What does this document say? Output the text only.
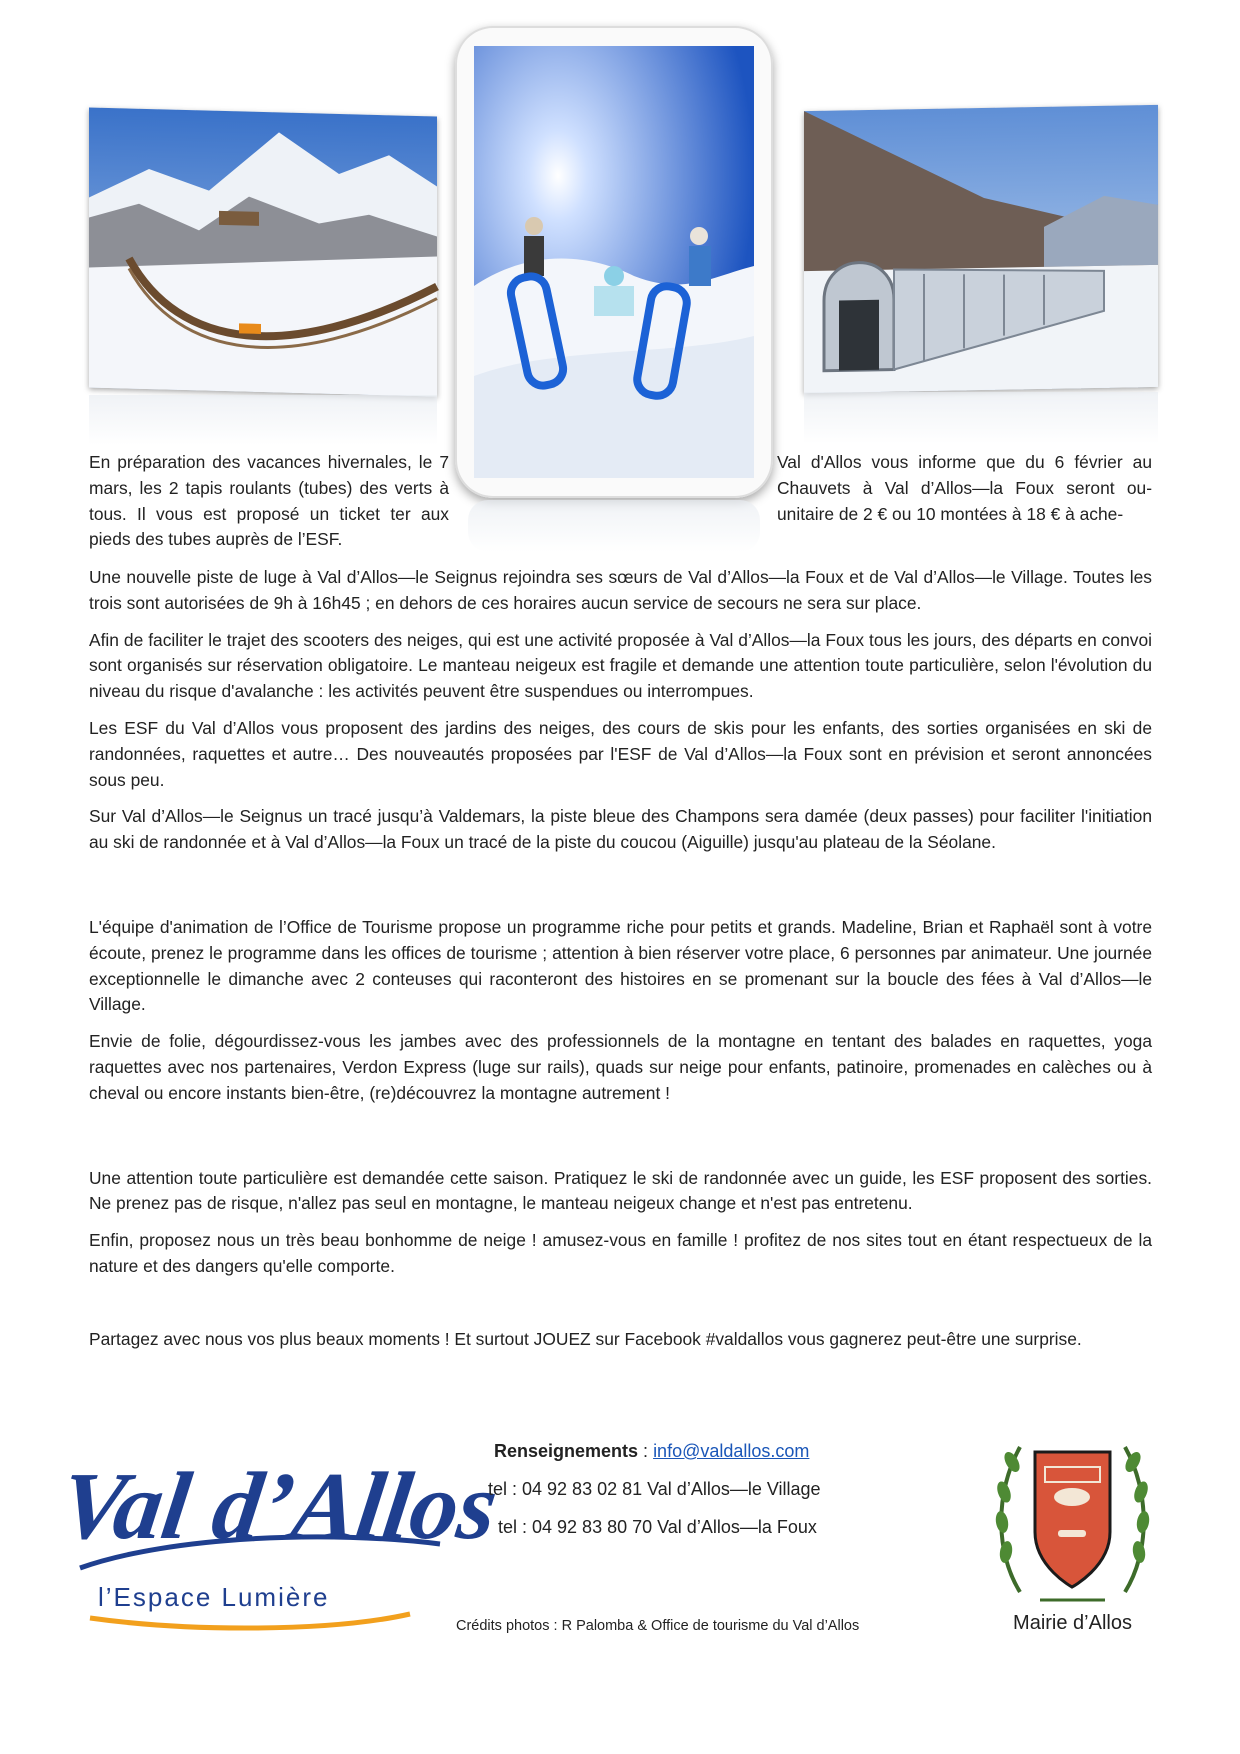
En préparation des vacances hivernales, le 7 mars, les 2 tapis roulants (tubes) des verts à tous. Il vous est proposé un ticket ter aux pieds des tubes auprès de l’ESF.
Val d'Allos vous informe que du 6 février au Chauvets à Val d’Allos—la Foux seront ou- unitaire de 2 € ou 10 montées à 18 € à ache-

Une nouvelle piste de luge à Val d’Allos—le Seignus rejoindra ses sœurs de Val d’Allos—la Foux et de Val d’Allos—le Village. Toutes les trois sont autorisées de 9h à 16h45 ; en dehors de ces horaires aucun service de secours ne sera sur place.

Afin de faciliter le trajet des scooters des neiges, qui est une activité proposée à Val d’Allos—la Foux tous les jours, des départs en convoi sont organisés sur réservation obligatoire. Le manteau neigeux est fragile et demande une attention toute particulière, selon l'évolution du niveau du risque d'avalanche : les activités peuvent être suspendues ou interrompues.

Les ESF du Val d’Allos vous proposent des jardins des neiges, des cours de skis pour les enfants, des sorties organisées en ski de randonnées, raquettes et autre… Des nouveautés proposées par l'ESF de Val d’Allos—la Foux sont en prévision et seront annoncées sous peu.

Sur Val d’Allos—le Seignus un tracé jusqu’à Valdemars, la piste bleue des Champons sera damée (deux passes) pour faciliter l'initiation au ski de randonnée et à Val d’Allos—la Foux un tracé de la piste du coucou (Aiguille) jusqu'au plateau de la Séolane.

L'équipe d'animation de l’Office de Tourisme propose un programme riche pour petits et grands. Madeline, Brian et Raphaël sont à votre écoute, prenez le programme dans les offices de tourisme ; attention à bien réserver votre place, 6 personnes par animateur. Une journée exceptionnelle le dimanche avec 2 conteuses qui raconteront des histoires en se promenant sur la boucle des fées à Val d’Allos—le Village.

Envie de folie, dégourdissez-vous les jambes avec des professionnels de la montagne en tentant des balades en raquettes, yoga raquettes avec nos partenaires, Verdon Express (luge sur rails), quads sur neige pour enfants, patinoire, promenades en calèches ou à cheval ou encore instants bien-être, (re)découvrez la montagne autrement !

Une attention toute particulière est demandée cette saison. Pratiquez le ski de randonnée avec un guide, les ESF proposent des sorties. Ne prenez pas de risque, n'allez pas seul en montagne, le manteau neigeux change et n'est pas entretenu.

Enfin, proposez nous un très beau bonhomme de neige ! amusez-vous en famille ! profitez de nos sites tout en étant respectueux de la nature et des dangers qu'elle comporte.

Partagez avec nous vos plus beaux moments ! Et surtout JOUEZ sur Facebook #valdallos vous gagnerez peut-être une surprise.

Val d’Allos
l’Espace Lumière
Renseignements : info@valdallos.com
tel : 04 92 83 02 81 Val d’Allos—le Village
tel : 04 92 83 80 70 Val d’Allos—la Foux
Crédits photos : R Palomba & Office de tourisme du Val d’Allos	Mairie d’Allos
